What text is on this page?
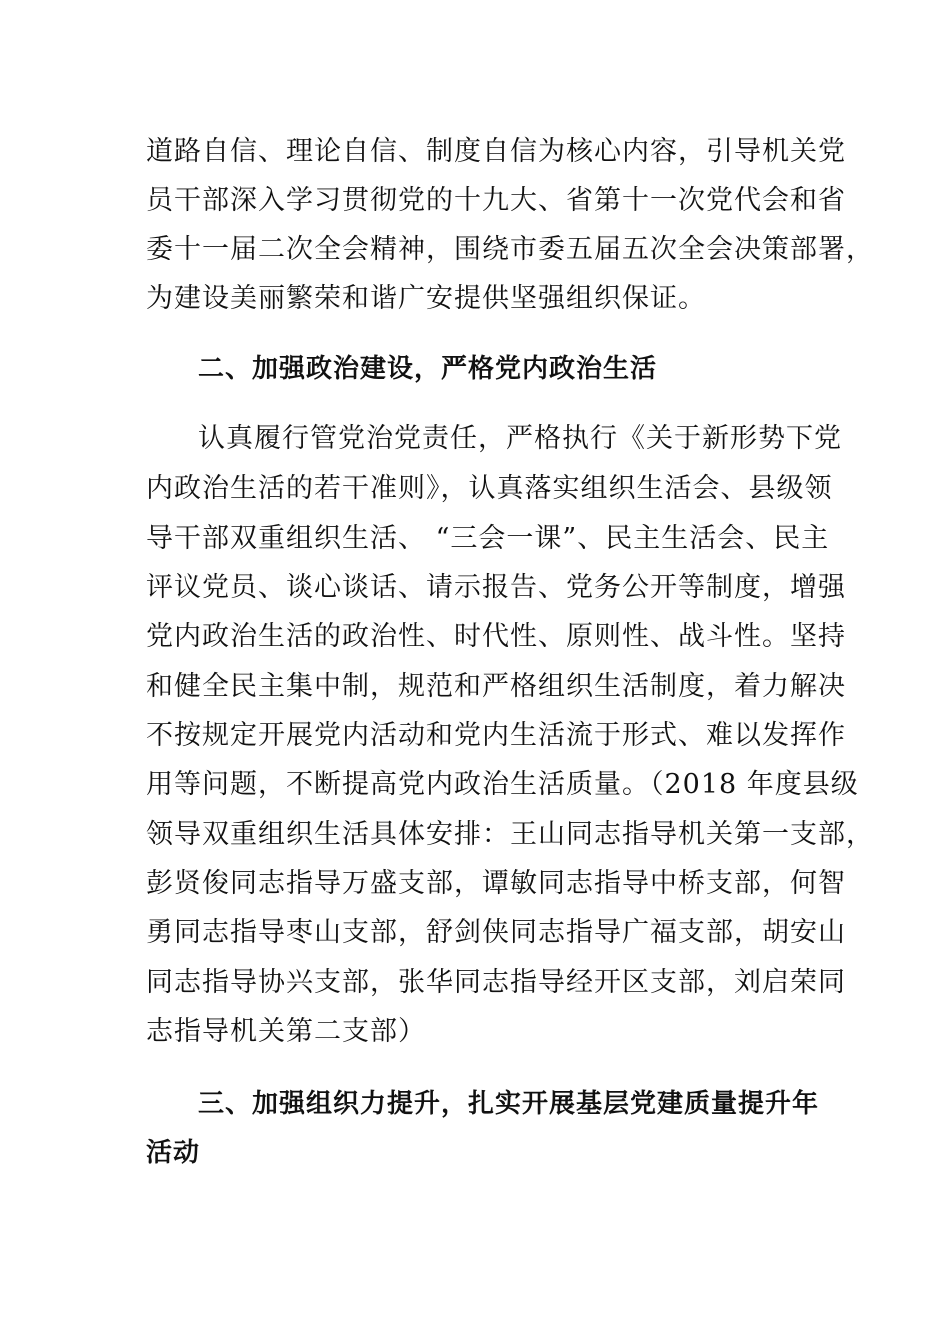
道路自信、理论自信、制度自信为核心内容，引导机关党
员干部深入学习贯彻党的十九大、省第十一次党代会和省
委十一届二次全会精神，围绕市委五届五次全会决策部署，
为建设美丽繁荣和谐广安提供坚强组织保证。
二、加强政治建设，严格党内政治生活
认真履行管党治党责任，严格执行《关于新形势下党
内政治生活的若干准则》，认真落实组织生活会、县级领
导干部双重组织生活、 “三会一课”、民主生活会、民主
评议党员、谈心谈话、请示报告、党务公开等制度，增强
党内政治生活的政治性、时代性、原则性、战斗性。坚持
和健全民主集中制，规范和严格组织生活制度，着力解决
不按规定开展党内活动和党内生活流于形式、难以发挥作
用等问题，不断提高党内政治生活质量。（2018 年度县级
领导双重组织生活具体安排：王山同志指导机关第一支部，
彭贤俊同志指导万盛支部，谭敏同志指导中桥支部，何智
勇同志指导枣山支部，舒剑侠同志指导广福支部，胡安山
同志指导协兴支部，张华同志指导经开区支部，刘启荣同
志指导机关第二支部）
三、加强组织力提升，扎实开展基层党建质量提升年
活动
